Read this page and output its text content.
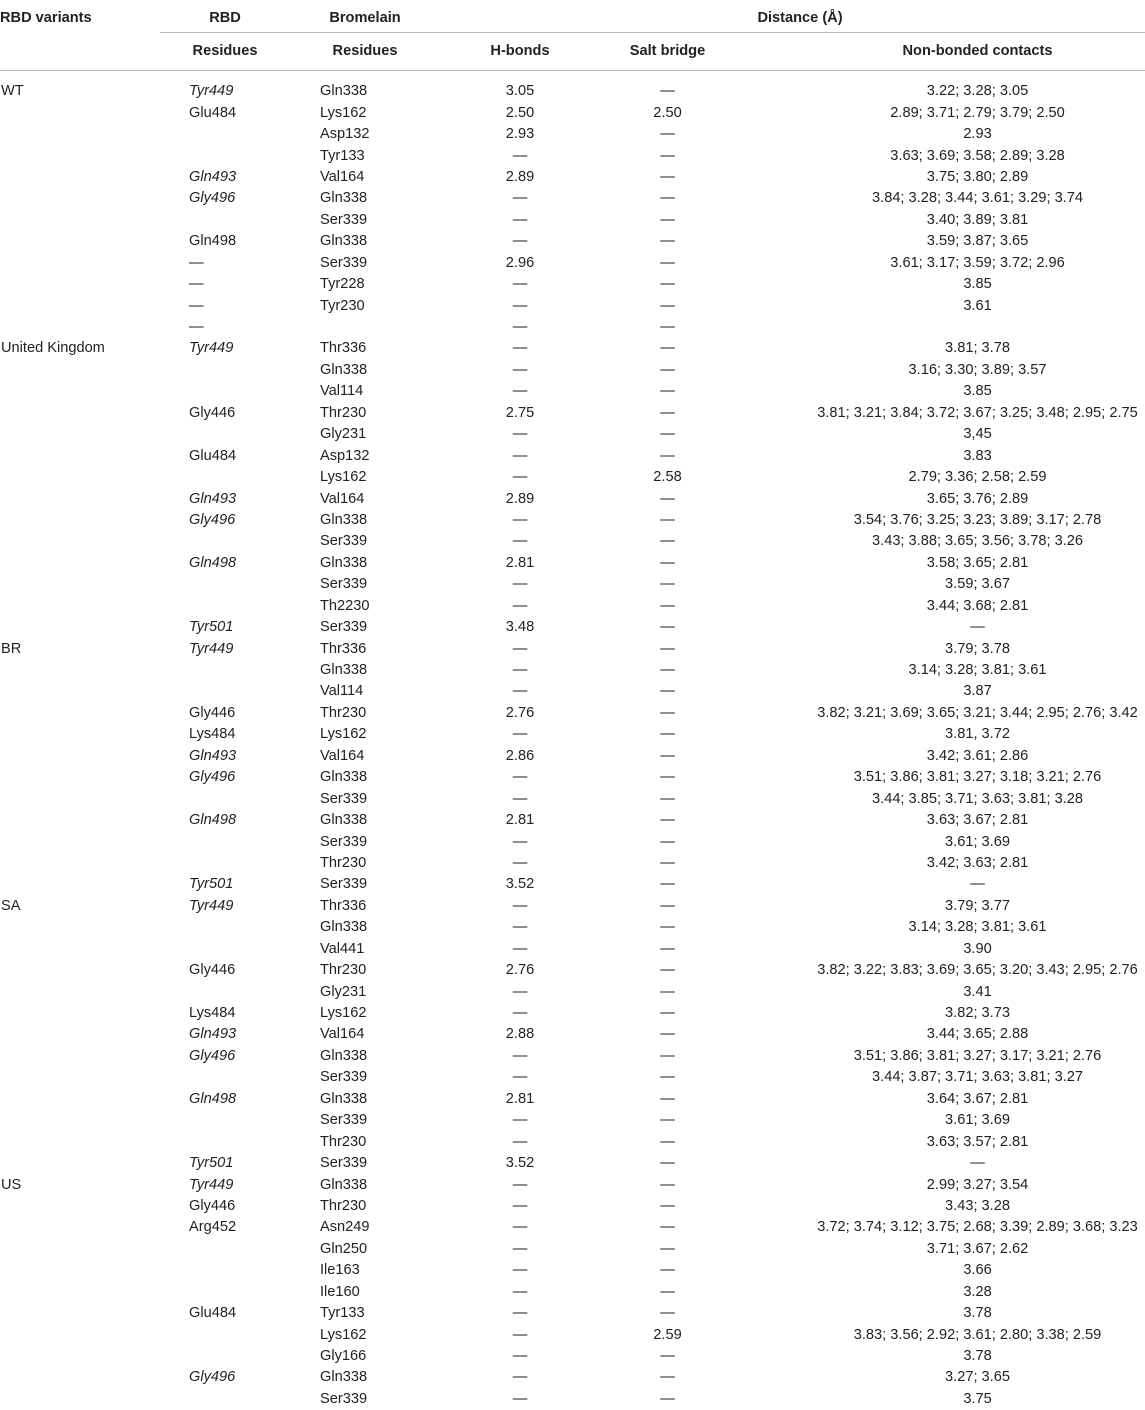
RBD variants	RBD	Bromelain	Distance (Å)		
	Residues	Residues	H-bonds	Salt bridge	Non-bonded contacts

WT	Tyr449	Gln338	3.05	—	3.22; 3.28; 3.05
	Glu484	Lys162	2.50	2.50	2.89; 3.71; 2.79; 3.79; 2.50
		Asp132	2.93	—	2.93
		Tyr133	—	—	3.63; 3.69; 3.58; 2.89; 3.28
	Gln493	Val164	2.89	—	3.75; 3.80; 2.89
	Gly496	Gln338	—	—	3.84; 3.28; 3.44; 3.61; 3.29; 3.74
		Ser339	—	—	3.40; 3.89; 3.81
	Gln498	Gln338	—	—	3.59; 3.87; 3.65
	—	Ser339	2.96	—	3.61; 3.17; 3.59; 3.72; 2.96
	—	Tyr228	—	—	3.85
	—	Tyr230	—	—	3.61
	—		—	—	
United Kingdom	Tyr449	Thr336	—	—	3.81; 3.78
		Gln338	—	—	3.16; 3.30; 3.89; 3.57
		Val114	—	—	3.85
	Gly446	Thr230	2.75	—	3.81; 3.21; 3.84; 3.72; 3.67; 3.25; 3.48; 2.95; 2.75
		Gly231	—	—	3,45
	Glu484	Asp132	—	—	3.83
		Lys162	—	2.58	2.79; 3.36; 2.58; 2.59
	Gln493	Val164	2.89	—	3.65; 3.76; 2.89
	Gly496	Gln338	—	—	3.54; 3.76; 3.25; 3.23; 3.89; 3.17; 2.78
		Ser339	—	—	3.43; 3.88; 3.65; 3.56; 3.78; 3.26
	Gln498	Gln338	2.81	—	3.58; 3.65; 2.81
		Ser339	—	—	3.59; 3.67
		Th2230	—	—	3.44; 3.68; 2.81
	Tyr501	Ser339	3.48	—	—
BR	Tyr449	Thr336	—	—	3.79; 3.78
		Gln338	—	—	3.14; 3.28; 3.81; 3.61
		Val114	—	—	3.87
	Gly446	Thr230	2.76	—	3.82; 3.21; 3.69; 3.65; 3.21; 3.44; 2.95; 2.76; 3.42
	Lys484	Lys162	—	—	3.81, 3.72
	Gln493	Val164	2.86	—	3.42; 3.61; 2.86
	Gly496	Gln338	—	—	3.51; 3.86; 3.81; 3.27; 3.18; 3.21; 2.76
		Ser339	—	—	3.44; 3.85; 3.71; 3.63; 3.81; 3.28
	Gln498	Gln338	2.81	—	3.63; 3.67; 2.81
		Ser339	—	—	3.61; 3.69
		Thr230	—	—	3.42; 3.63; 2.81
	Tyr501	Ser339	3.52	—	—
SA	Tyr449	Thr336	—	—	3.79; 3.77
		Gln338	—	—	3.14; 3.28; 3.81; 3.61
		Val441	—	—	3.90
	Gly446	Thr230	2.76	—	3.82; 3.22; 3.83; 3.69; 3.65; 3.20; 3.43; 2.95; 2.76
		Gly231	—	—	3.41
	Lys484	Lys162	—	—	3.82; 3.73
	Gln493	Val164	2.88	—	3.44; 3.65; 2.88
	Gly496	Gln338	—	—	3.51; 3.86; 3.81; 3.27; 3.17; 3.21; 2.76
		Ser339	—	—	3.44; 3.87; 3.71; 3.63; 3.81; 3.27
	Gln498	Gln338	2.81	—	3.64; 3.67; 2.81
		Ser339	—	—	3.61; 3.69
		Thr230	—	—	3.63; 3.57; 2.81
	Tyr501	Ser339	3.52	—	—
US	Tyr449	Gln338	—	—	2.99; 3.27; 3.54
	Gly446	Thr230	—	—	3.43; 3.28
	Arg452	Asn249	—	—	3.72; 3.74; 3.12; 3.75; 2.68; 3.39; 2.89; 3.68; 3.23
		Gln250	—	—	3.71; 3.67; 2.62
		Ile163	—	—	3.66
		Ile160	—	—	3.28
	Glu484	Tyr133	—	—	3.78
		Lys162	—	2.59	3.83; 3.56; 2.92; 3.61; 2.80; 3.38; 2.59
		Gly166	—	—	3.78
	Gly496	Gln338	—	—	3.27; 3.65
		Ser339	—	—	3.75
